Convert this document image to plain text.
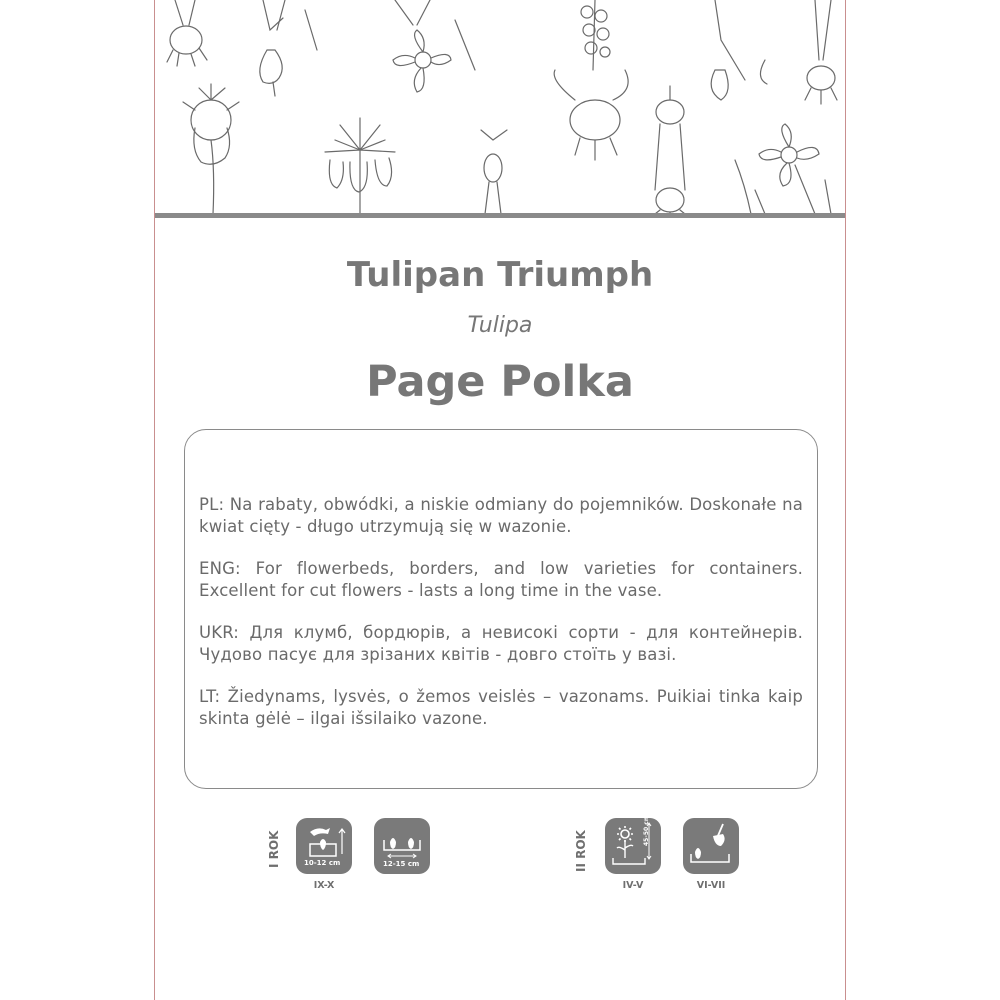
Tulipan Triumph
Tulipa
Page Polka

PL: Na rabaty, obwódki, a niskie odmiany do pojemników. Doskonałe na kwiat cięty - długo utrzymują się w wazonie.

ENG: For flowerbeds, borders, and low varieties for containers. Excellent for cut flowers - lasts a long time in the vase.

UKR: Для клумб, бордюрів, а невисокі сорти - для контейнерів. Чудово пасує для зрізаних квітів - довго стоїть у вазі.

LT: Žiedynams, lysvės, o žemos veislės – vazonams. Puikiai tinka kaip skinta gėlė – ilgai išsilaiko vazone.

I ROK	10-12 cm
IX-X
12-15 cm	II ROK	45-50 cm
IV-V	VI-VII
